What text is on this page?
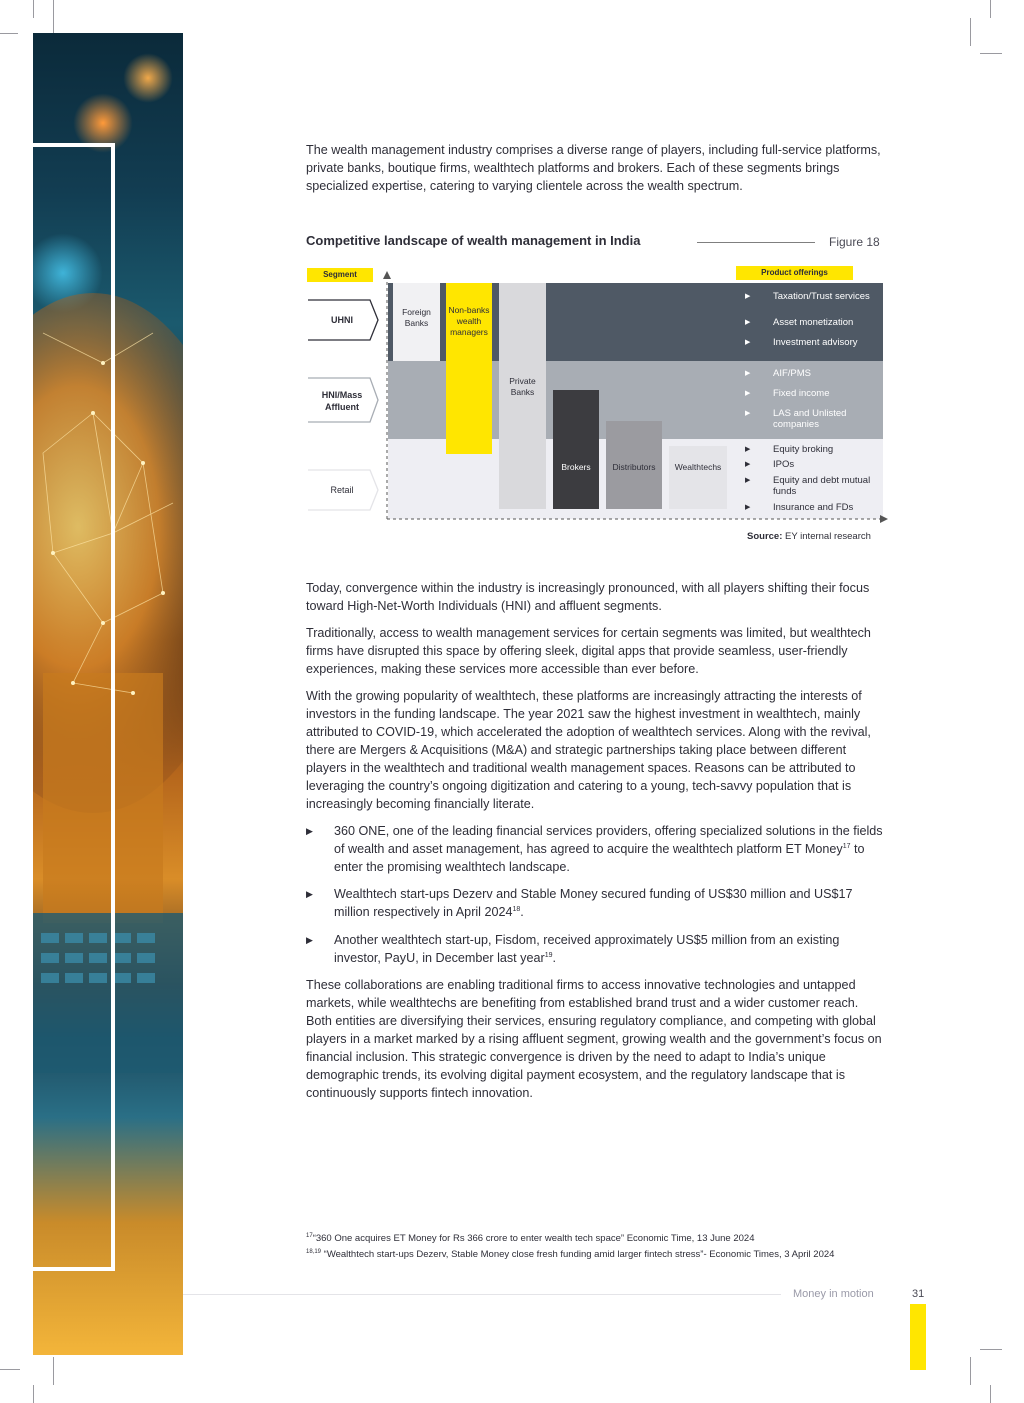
The wealth management industry comprises a diverse range of players, including full-service platforms, private banks, boutique firms, wealthtech platforms and brokers. Each of these segments brings specialized expertise, catering to varying clientele across the wealth spectrum.

Competitive landscape of wealth management in India	Figure 18
Segment	Product offerings
Foreign Banks
Non-banks wealth managers
Private Banks
Brokers	Distributors	Wealthtechs
UHNI
HNI/Mass Affluent
Retail
▶ Taxation/Trust services
▶ Asset monetization
▶ Investment advisory
▶ AIF/PMS
▶ Fixed income
▶ LAS and Unlisted companies
▶ Equity broking
▶ IPOs
▶ Equity and debt mutual funds
▶ Insurance and FDs
Source: EY internal research

Today, convergence within the industry is increasingly pronounced, with all players shifting their focus toward High-Net-Worth Individuals (HNI) and affluent segments.

Traditionally, access to wealth management services for certain segments was limited, but wealthtech firms have disrupted this space by offering sleek, digital apps that provide seamless, user-friendly experiences, making these services more accessible than ever before.

With the growing popularity of wealthtech, these platforms are increasingly attracting the interests of investors in the funding landscape. The year 2021 saw the highest investment in wealthtech, mainly attributed to COVID-19, which accelerated the adoption of wealthtech services. Along with the revival, there are Mergers & Acquisitions (M&A) and strategic partnerships taking place between different players in the wealthtech and traditional wealth management spaces. Reasons can be attributed to leveraging the country’s ongoing digitization and catering to a young, tech-savvy population that is increasingly becoming financially literate.

▶ 360 ONE, one of the leading financial services providers, offering specialized solutions in the fields of wealth and asset management, has agreed to acquire the wealthtech platform ET Money$^{17}$ to enter the promising wealthtech landscape.
▶ Wealthtech start-ups Dezerv and Stable Money secured funding of US$30 million and US$17 million respectively in April 2024$^{18}$.
▶ Another wealthtech start-up, Fisdom, received approximately US$5 million from an existing investor, PayU, in December last year$^{19}$.

These collaborations are enabling traditional firms to access innovative technologies and untapped markets, while wealthtechs are benefiting from established brand trust and a wider customer reach. Both entities are diversifying their services, ensuring regulatory compliance, and competing with global players in a market marked by a rising affluent segment, growing wealth and the government’s focus on financial inclusion. This strategic convergence is driven by the need to adapt to India’s unique demographic trends, its evolving digital payment ecosystem, and the regulatory landscape that is continuously supports fintech innovation.

$^{17}$“360 One acquires ET Money for Rs 366 crore to enter wealth tech space” Economic Time, 13 June 2024
$^{18,19}$ “Wealthtech start-ups Dezerv, Stable Money close fresh funding amid larger fintech stress”- Economic Times, 3 April 2024
Money in motion	31
